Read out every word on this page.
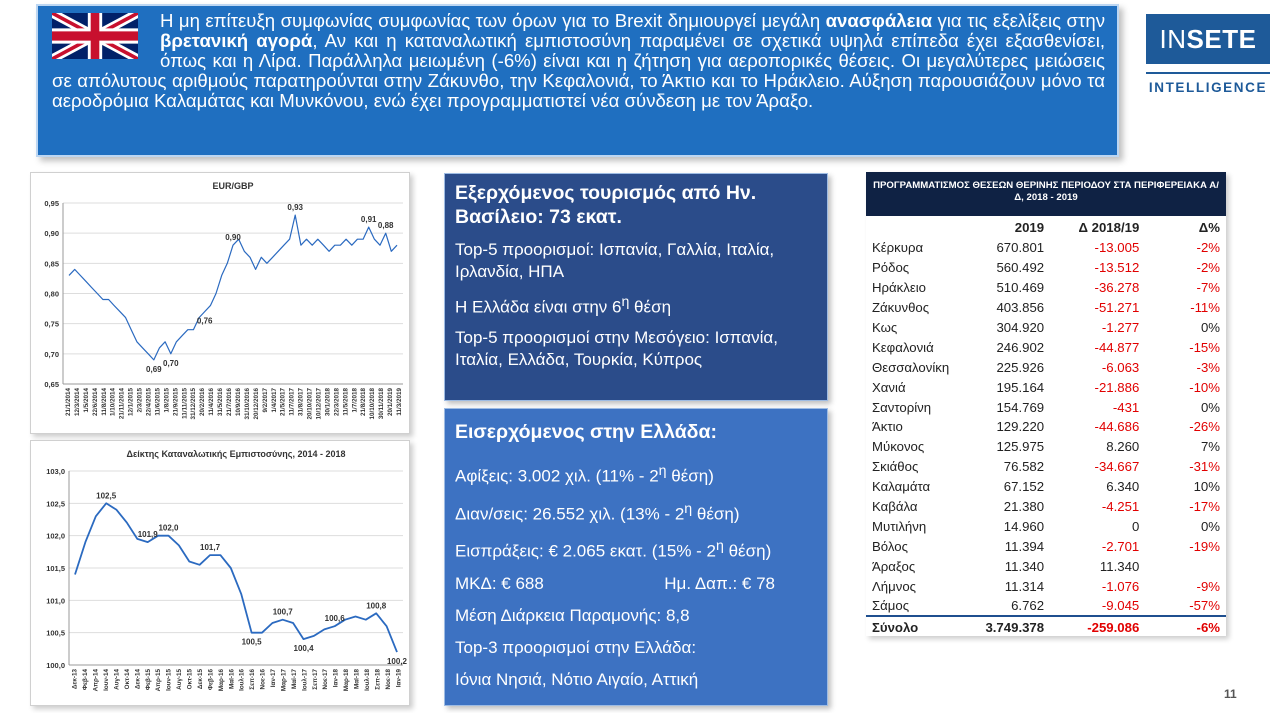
Η μη επίτευξη συμφωνίας συμφωνίας των όρων για το Brexit δημιουργεί μεγάλη ανασφάλεια για τις εξελίξεις στην βρετανική αγορά, Αν και η καταναλωτική εμπιστοσύνη παραμένει σε σχετικά υψηλά επίπεδα έχει εξασθενίσει, όπως και η Λίρα. Παράλληλα μειωμένη (-6%) είναι και η ζήτηση για αεροπορικές θέσεις. Οι μεγαλύτερες μειώσεις σε απόλυτους αριθμούς παρατηρούνται στην Ζάκυνθο, την Κεφαλονιά, το Άκτιο και το Ηράκλειο. Αύξηση παρουσιάζουν μόνο τα αεροδρόμια Καλαμάτας και Μυνκόνου, ενώ έχει προγραμματιστεί νέα σύνδεση με τον Άραξο.
INSETE
INTELLIGENCE
EUR/GBP
0,95
0,90
0,85
0,80
0,75
0,70
0,65
21/1/2014 12/3/2014 1/5/2014 22/6/2014 11/8/2014 1/10/2014 21/11/2014 12/1/2015 2/3/2015 22/4/2015 11/6/2015 1/8/2015 21/9/2015 11/11/2015 31/12/2015 20/2/2016 11/4/2016 31/5/2016 21/7/2016 10/9/2016 31/10/2016 20/12/2016 9/2/2017 1/4/2017 21/5/2017 11/7/2017 31/8/2017 20/10/2017 10/12/2017 30/1/2018 22/3/2018 11/5/2018 1/7/2018 21/8/2018 10/10/2018 30/11/2018 20/1/2019 11/3/2019
0,69
0,70
0,76
0,90
0,93
0,91
0,88
Δείκτης Καταναλωτικής Εμπιστοσύνης, 2014 - 2018
103,0
102,5
102,0
101,5
101,0
100,5
100,0
Δεκ-13 Φεβ-14 Απρ-14 Ιουν-14 Αυγ-14 Οκτ-14 Δεκ-14 Φεβ-15 Απρ-15 Ιουν-15 Αυγ-15 Οκτ-15 Δεκ-15 Φεβ-16 Μαρ-16 Μαϊ-16 Ιουλ-16 Σεπ-16 Νοε-16 Ιαν-17 Μαρ-17 Μαϊ-17 Ιουλ-17 Σεπ-17 Νοε-17 Ιαν-18 Μαρ-18 Μαϊ-18 Ιουλ-18 Σεπ-18 Νοε-18 Ιαν-19
102,5
101,9
102,0
101,7
100,5
100,7
100,4
100,6
100,8
100,2
Εξερχόμενος τουρισμός από Ην. Βασίλειο: 73 εκατ.

Top-5 προορισμοί: Ισπανία, Γαλλία, Ιταλία, Ιρλανδία, ΗΠΑ

Η Ελλάδα είναι στην $6^\eta$ θέση

Top-5 προορισμοί στην Μεσόγειο: Ισπανία, Ιταλία, Ελλάδα, Τουρκία, Κύπρος

Εισερχόμενος στην Ελλάδα:

Αφίξεις: 3.002 χιλ. ($11\% - 2^\eta$ θέση)

Διαν/σεις: 26.552 χιλ. ($13\% - 2^\eta$ θέση)

Εισπράξεις: € 2.065 εκατ. ($15\% - 2^\eta$ θέση)

ΜΚΔ: € 688	Ημ. Δαπ.: € 78

Μέση Διάρκεια Παραμονής: 8,8

Top-3 προορισμοί στην Ελλάδα:

Ιόνια Νησιά, Νότιο Αιγαίο, Αττική

ΠΡΟΓΡΑΜΜΑΤΙΣΜΟΣ ΘΕΣΕΩΝ ΘΕΡΙΝΗΣ ΠΕΡΙΟΔΟΥ ΣΤΑ ΠΕΡΙΦΕΡΕΙΑΚΑ Α/Δ, 2018 - 2019
	2019	Δ 2018/19	Δ%
Κέρκυρα	670.801	-13.005	-2%
Ρόδος	560.492	-13.512	-2%
Ηράκλειο	510.469	-36.278	-7%
Ζάκυνθος	403.856	-51.271	-11%
Κως	304.920	-1.277	0%
Κεφαλονιά	246.902	-44.877	-15%
Θεσσαλονίκη	225.926	-6.063	-3%
Χανιά	195.164	-21.886	-10%
Σαντορίνη	154.769	-431	0%
Άκτιο	129.220	-44.686	-26%
Μύκονος	125.975	8.260	7%
Σκιάθος	76.582	-34.667	-31%
Καλαμάτα	67.152	6.340	10%
Καβάλα	21.380	-4.251	-17%
Μυτιλήνη	14.960	0	0%
Βόλος	11.394	-2.701	-19%
Άραξος	11.340	11.340	
Λήμνος	11.314	-1.076	-9%
Σάμος	6.762	-9.045	-57%
Σύνολο	3.749.378	-259.086	-6%
11
